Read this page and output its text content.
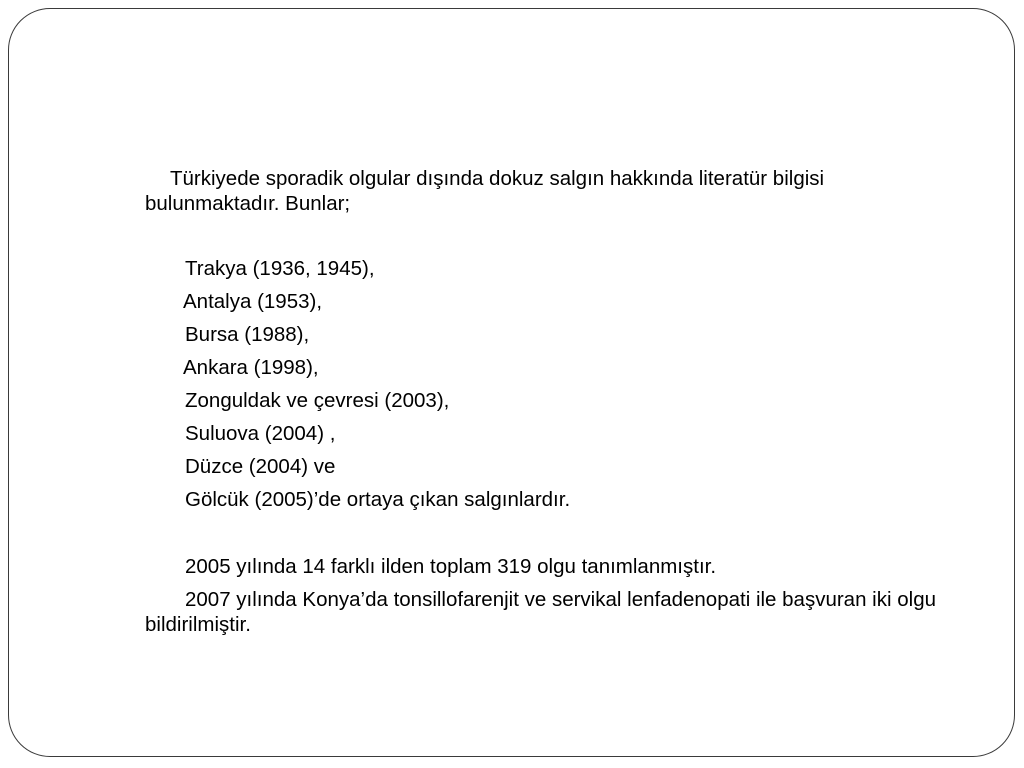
Türkiyede sporadik olgular dışında dokuz salgın hakkında literatür bilgisi bulunmaktadır. Bunlar;

Trakya (1936, 1945),
Antalya (1953),
Bursa (1988),
Ankara (1998),
Zonguldak ve çevresi (2003),
Suluova (2004) ,
Düzce (2004) ve
Gölcük (2005)’de ortaya çıkan salgınlardır.

2005 yılında 14 farklı ilden toplam 319 olgu tanımlanmıştır.

2007 yılında Konya’da tonsillofarenjit ve servikal lenfadenopati ile başvuran iki olgu bildirilmiştir.
